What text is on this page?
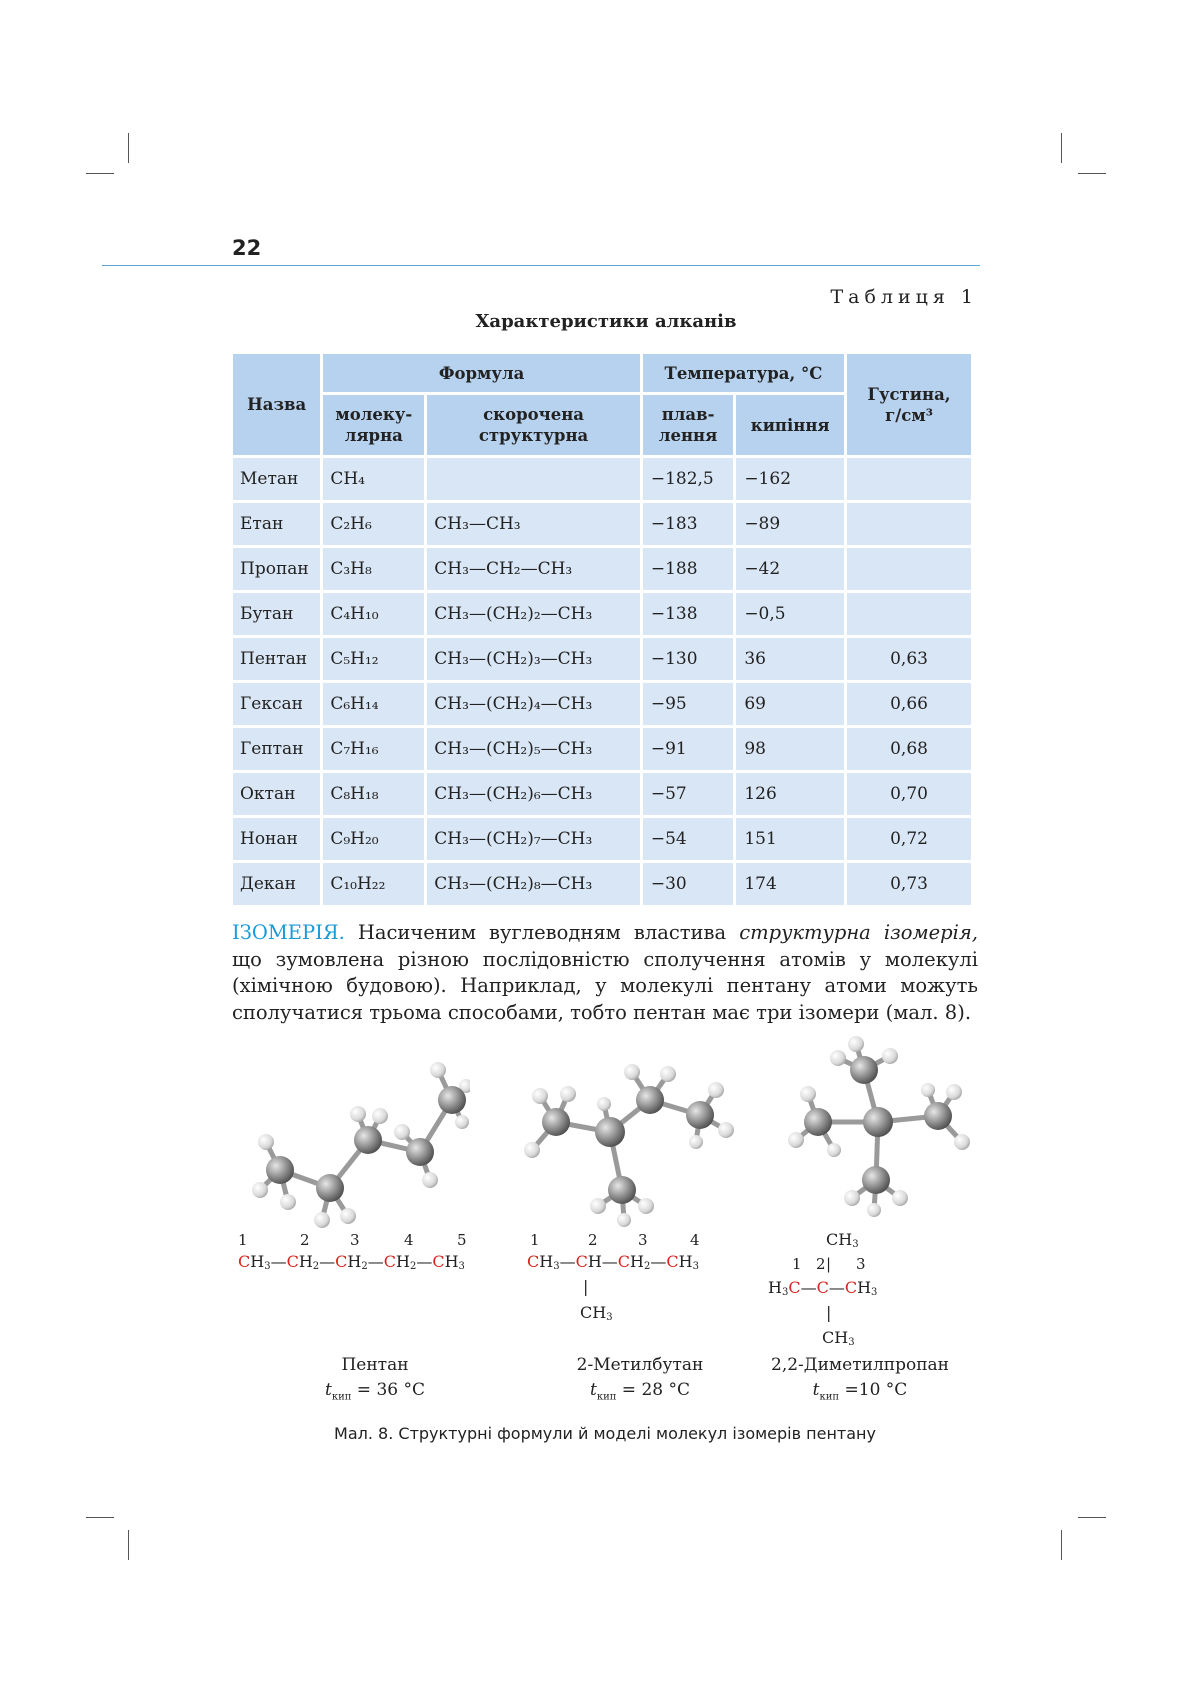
22
Таблиця 1
Характеристики алканів
Назва	Формула		Температура, °C		Густина, г/см³
	молеку-лярна	скорочена структурна	плав-лення	кипіння	
Метан	CH₄		−182,5	−162	
Етан	C₂H₆	CH₃—CH₃	−183	−89	
Пропан	C₃H₈	CH₃—CH₂—CH₃	−188	−42	
Бутан	C₄H₁₀	CH₃—(CH₂)₂—CH₃	−138	−0,5	
Пентан	C₅H₁₂	CH₃—(CH₂)₃—CH₃	−130	36	0,63
Гексан	C₆H₁₄	CH₃—(CH₂)₄—CH₃	−95	69	0,66
Гептан	C₇H₁₆	CH₃—(CH₂)₅—CH₃	−91	98	0,68
Октан	C₈H₁₈	CH₃—(CH₂)₆—CH₃	−57	126	0,70
Нонан	C₉H₂₀	CH₃—(CH₂)₇—CH₃	−54	151	0,72
Декан	C₁₀H₂₂	CH₃—(CH₂)₈—CH₃	−30	174	0,73
ІЗОМЕРІЯ. Насиченим вуглеводням властива структурна ізомерія, що зумовлена різною послідовністю сполучення атомів у молекулі (хімічною будовою). Наприклад, у молекулі пентану атоми можуть сполучатися трьома способами, тобто пентан має три ізомери (мал. 8).
1	2	3	4	5
$CH_3—CH_2—CH_2—CH_2—CH_3$
1	2	3	4
$CH_3—CH—CH_2—CH_3$
|
$CH_3$
$CH_3$
1 2 | 3
$H_3C—C—CH_3$
|
$CH_3$
Пентан
$t_{кип} = 36$ °C
2-Метилбутан
$t_{кип} = 28$ °C
2,2-Диметилпропан
$t_{кип} =10$ °C
Мал. 8. Структурні формули й моделі молекул ізомерів пентану
